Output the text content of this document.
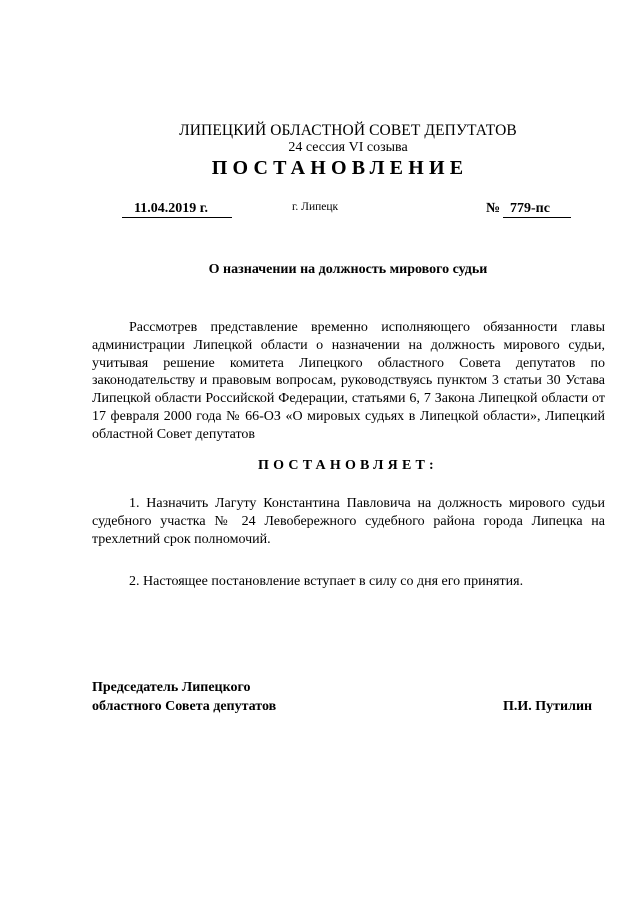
ЛИПЕЦКИЙ ОБЛАСТНОЙ СОВЕТ ДЕПУТАТОВ
24 сессия VI созыва
ПОСТАНОВЛЕНИЕ
11.04.2019 г.	г. Липецк	№ 779-пс
О назначении на должность мирового судьи
Рассмотрев представление временно исполняющего обязанности главы администрации Липецкой области о назначении на должность мирового судьи, учитывая решение комитета Липецкого областного Совета депутатов по законодательству и правовым вопросам, руководствуясь пунктом 3 статьи 30 Устава Липецкой области Российской Федерации, статьями 6, 7 Закона Липецкой области от 17 февраля 2000 года № 66-ОЗ «О мировых судьях в Липецкой области», Липецкий областной Совет депутатов
ПОСТАНОВЛЯЕТ:
1. Назначить Лагуту Константина Павловича на должность мирового судьи судебного участка № 24 Левобережного судебного района города Липецка на трехлетний срок полномочий.
2. Настоящее постановление вступает в силу со дня его принятия.
Председатель Липецкого
областного Совета депутатов	П.И. Путилин
